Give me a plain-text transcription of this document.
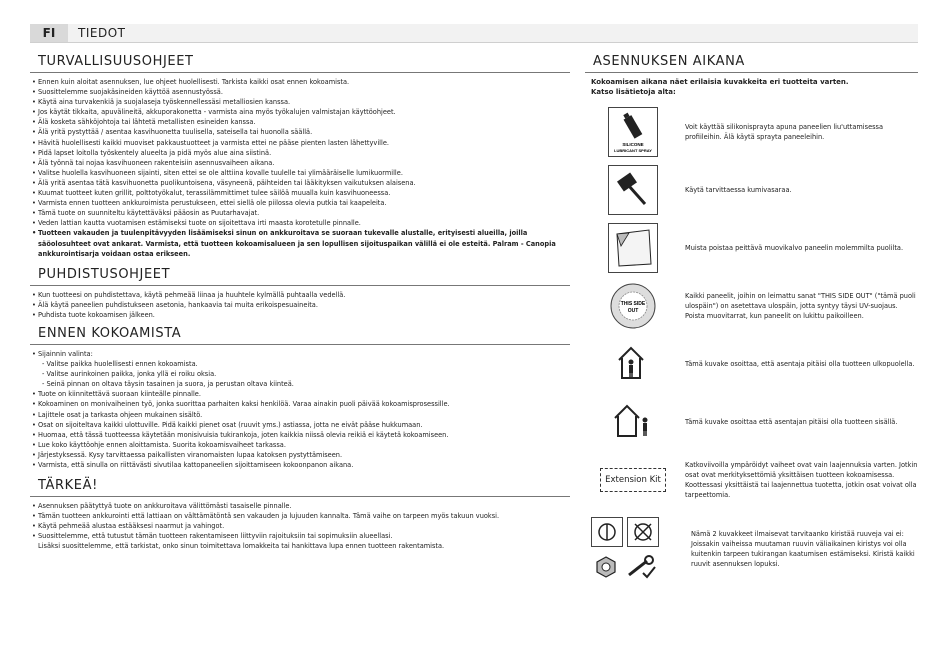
FI	TIEDOT
TURVALLISUUSOHJEET
• Ennen kuin aloitat asennuksen, lue ohjeet huolellisesti. Tarkista kaikki osat ennen kokoamista.
• Suosittelemme suojakäsineiden käyttöä asennustyössä.
• Käytä aina turvakenkiä ja suojalaseja työskennellessäsi metalliosien kanssa.
• Jos käytät tikkaita, apuvälineitä, akkuporakonetta - varmista aina myös työkalujen valmistajan käyttöohjeet.
• Älä kosketa sähköjohtoja tai lähtetä metallisten esineiden kanssa.
• Älä yritä pystyttää / asentaa kasvihuonetta tuulisella, sateisella tai huonolla säällä.
• Hävitä huolellisesti kaikki muoviset pakkaustuotteet ja varmista ettei ne pääse pienten lasten lähettyville.
• Pidä lapset loitolla työskentely alueelta ja pidä myös alue aina siistinä.
• Älä työnnä tai nojaa kasvihuoneen rakenteisiin asennusvaiheen aikana.
• Valitse huolella kasvihuoneen sijainti, siten ettei se ole alttiina kovalle tuulelle tai ylimääräiselle lumikuormille.
• Älä yritä asentaa tätä kasvihuonetta puolikuntoisena, väsyneenä, päihteiden tai lääkityksen vaikutuksen alaisena.
• Kuumat tuotteet kuten grillit, polttotyökalut, terassilämmittimet tulee säilöä muualla kuin kasvihuoneessa.
• Varmista ennen tuotteen ankkuroimista perustukseen, ettei siellä ole piilossa olevia putkia tai kaapeleita.
• Tämä tuote on suunniteltu käytettäväksi pääosin as Puutarhavajat.
• Veden lattian kautta vuotamisen estämiseksi tuote on sijoitettava irti maasta korotetulle pinnalle.
• Tuotteen vakauden ja tuulenpitävyyden lisäämiseksi sinun on ankkuroitava se suoraan tukevalle alustalle, erityisesti alueilla, joilla säöolosuhteet ovat ankarat. Varmista, että tuotteen kokoamisalueen ja sen lopullisen sijoituspaikan välillä ei ole esteitä. Palram - Canopia ankkurointisarja voidaan ostaa erikseen.
PUHDISTUSOHJEET
• Kun tuotteesi on puhdistettava, käytä pehmeää liinaa ja huuhtele kylmällä puhtaalla vedellä.
• Älä käytä paneelien puhdistukseen asetonia, hankaavia tai muita erikoispesuaineita.
• Puhdista tuote kokoamisen jälkeen.
ENNEN KOKOAMISTA
• Sijainnin valinta:
- Valitse paikka huolellisesti ennen kokoamista.
- Valitse aurinkoinen paikka, jonka yllä ei roiku oksia.
- Seinä pinnan on oltava täysin tasainen ja suora, ja perustan oltava kiinteä.
• Tuote on kiinnitettävä suoraan kiinteälle pinnalle.
• Kokoaminen on monivaiheinen työ, jonka suorittaa parhaiten kaksi henkilöä. Varaa ainakin puoli päivää kokoamisprosessille.
• Lajittele osat ja tarkasta ohjeen mukainen sisältö.
• Osat on sijoiteltava kaikki ulottuville. Pidä kaikki pienet osat (ruuvit yms.) astiassa, jotta ne eivät pääse hukkumaan.
• Huomaa, että tässä tuotteessa käytetään monisivuisia tukirankoja, joten kaikkia niissä olevia reikiä ei käytetä kokoamiseen.
• Lue koko käyttöohje ennen aloittamista. Suorita kokoamisvaiheet tarkassa.
• Järjestyksessä. Kysy tarvittaessa paikallisten viranomaisten lupaa katoksen pystyttämiseen.
• Varmista, että sinulla on riittävästi sivutilaa kattopaneelien sijoittamiseen kokoonpanon aikana.
TÄRKEÄ!
• Asennuksen päätyttyä tuote on ankkuroitava välittömästi tasaiselle pinnalle.
• Tämän tuotteen ankkurointi että lattiaan on välttämätöntä sen vakauden ja lujuuden kannalta. Tämä vaihe on tarpeen myös takuun vuoksi.
• Käytä pehmeää alustaa estääksesi naarmut ja vahingot.
• Suosittelemme, että tutustut tämän tuotteen rakentamiseen liittyviin rajoituksiin tai sopimuksiin alueellasi.
Lisäksi suosittelemme, että tarkistat, onko sinun toimitettava lomakkeita tai hankittava lupa ennen tuotteen rakentamista.
ASENNUKSEN AIKANA
Kokoamisen aikana näet erilaisia kuvakkeita eri tuotteita varten.
Katso lisätietoja alta:
SILICONE
LUBRICANT SPRAY
Voit käyttää silikonisprayta apuna paneelien liu'uttamisessa profiileihin. Älä käytä sprayta paneeleihin.
Käytä tarvittaessa kumivasaraa.
Muista poistaa peittävä muovikalvo paneelin molemmilta puolilta.
THIS SIDE
OUT
Kaikki paneelit, joihin on leimattu sanat "THIS SIDE OUT" ("tämä puoli ulospäin") on asetettava ulospäin, jotta syntyy täysi UV-suojaus. Poista muovitarrat, kun paneelit on lukittu paikoilleen.
Tämä kuvake osoittaa, että asentaja pitäisi olla tuotteen ulkopuolella.
Tämä kuvake osoittaa että asentajan pitäisi olla tuotteen sisällä.
Extension Kit
Katkoviivoilla ympäröidyt vaiheet ovat vain laajennuksia varten. Jotkin osat ovat merkityksettömiä yksittäisen tuotteen kokoamisessa. Koottessasi yksittäistä tai laajennettua tuotetta, jotkin osat voivat olla tarpeettomia.
Nämä 2 kuvakkeet ilmaisevat tarvitaanko kiristää ruuveja vai ei: Joissakin vaiheissa muutaman ruuvin väliaikainen kiristys voi olla kuitenkin tarpeen tukirangan kaatumisen estämiseksi. Kiristä kaikki ruuvit asennuksen lopuksi.
